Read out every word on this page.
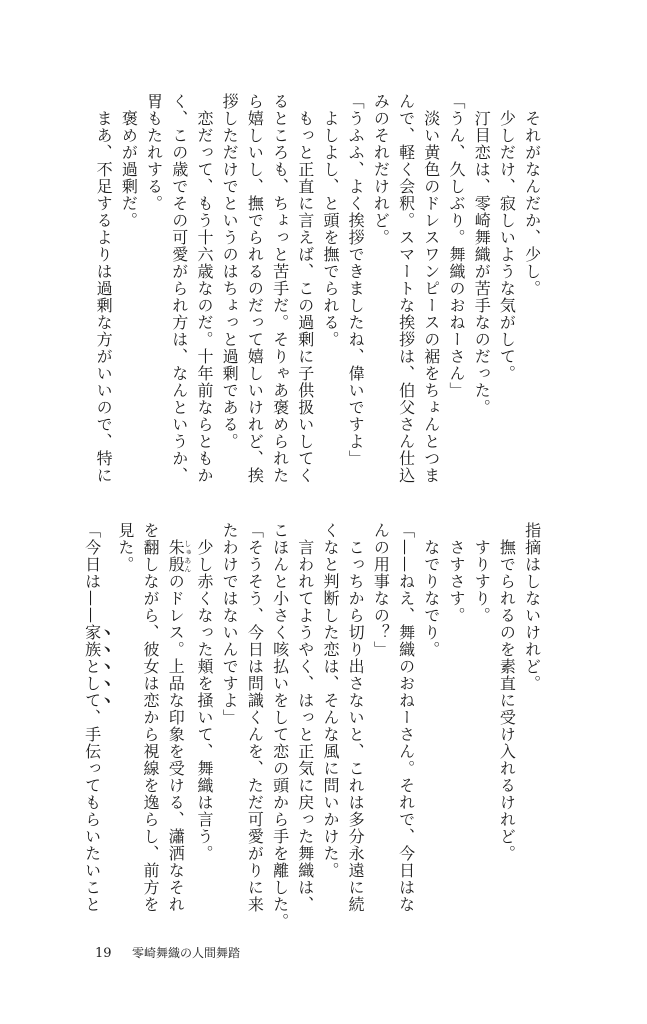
それがなんだか、少し。
少しだけ、寂しいような気がして。
汀目恋は、零崎舞織が苦手なのだった。
「うん、久しぶり。舞織のおねーさん」
淡い黄色のドレスワンピースの裾をちょんとつま
んで、軽く会釈。スマートな挨拶は、伯父さん仕込
みのそれだけれど。
「うふふ、よく挨拶できましたね、偉いですよ」
よしよし、と頭を撫でられる。
もっと正直に言えば、この過剰に子供扱いしてく
るところも、ちょっと苦手だ。そりゃあ褒められた
ら嬉しいし、撫でられるのだって嬉しいけれど、挨
拶しただけでというのはちょっと過剰である。
恋だって、もう十六歳なのだ。十年前ならともか
く、この歳でその可愛がられ方は、なんというか、
胃もたれする。
褒めが過剰だ。
まあ、不足するよりは過剰な方がいいので、特に
指摘はしないけれど。
撫でられるのを素直に受け入れるけれど。
すりすり。
さすさす。
なでりなでり。
「——ねえ、舞織のおねーさん。それで、今日はな
んの用事なの？」
こっちから切り出さないと、これは多分永遠に続
くなと判断した恋は、そんな風に問いかけた。
言われてようやく、はっと正気に戻った舞織は、
こほんと小さく咳払いをして恋の頭から手を離した。
「そうそう、今日は問識くんを、ただ可愛がりに来
たわけではないんですよ」
少し赤くなった頬を掻いて、舞織は言う。
朱殷しゅあんのドレス。上品な印象を受ける、瀟洒なそれ
を翻しながら、彼女は恋から視線を逸らし、前方を
見た。
「今日は——家族として、手伝ってもらいたいこと
19 零崎舞織の人間舞踏
